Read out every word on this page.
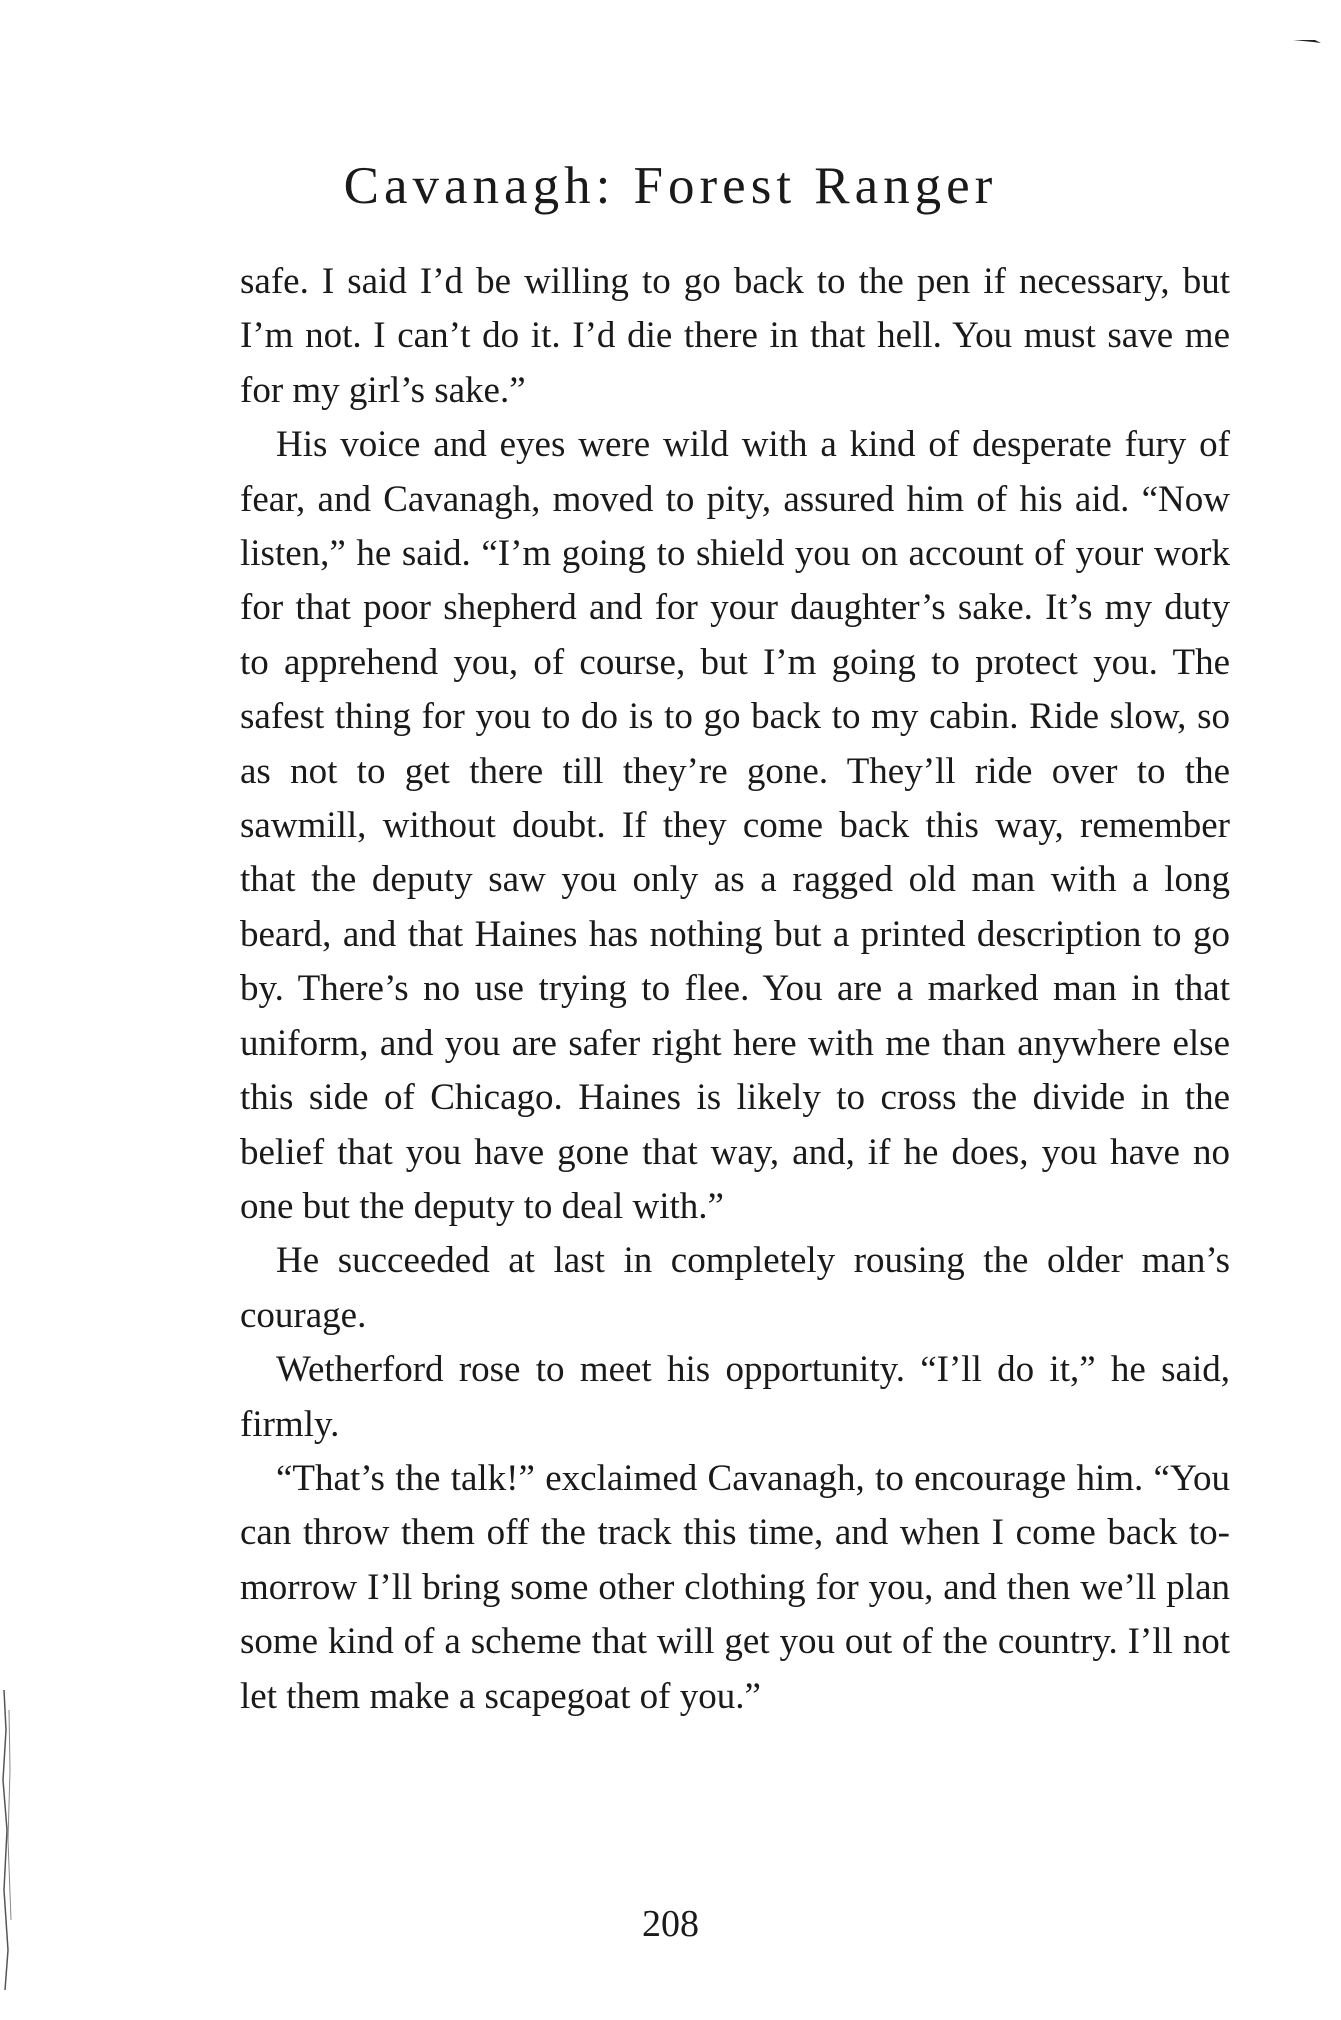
Cavanagh: Forest Ranger

safe. I said I’d be willing to go back to the pen if necessary, but I’m not. I can’t do it. I’d die there in that hell. You must save me for my girl’s sake.”

His voice and eyes were wild with a kind of desperate fury of fear, and Cavanagh, moved to pity, assured him of his aid. “Now listen,” he said. “I’m going to shield you on account of your work for that poor shepherd and for your daughter’s sake. It’s my duty to apprehend you, of course, but I’m going to protect you. The safest thing for you to do is to go back to my cabin. Ride slow, so as not to get there till they’re gone. They’ll ride over to the sawmill, without doubt. If they come back this way, remember that the deputy saw you only as a ragged old man with a long beard, and that Haines has nothing but a printed description to go by. There’s no use trying to flee. You are a marked man in that uniform, and you are safer right here with me than anywhere else this side of Chicago. Haines is likely to cross the divide in the belief that you have gone that way, and, if he does, you have no one but the deputy to deal with.”

He succeeded at last in completely rousing the older man’s courage.

Wetherford rose to meet his opportunity. “I’ll do it,” he said, firmly.

“That’s the talk!” exclaimed Cavanagh, to encourage him. “You can throw them off the track this time, and when I come back to-morrow I’ll bring some other clothing for you, and then we’ll plan some kind of a scheme that will get you out of the country. I’ll not let them make a scapegoat of you.”

208
